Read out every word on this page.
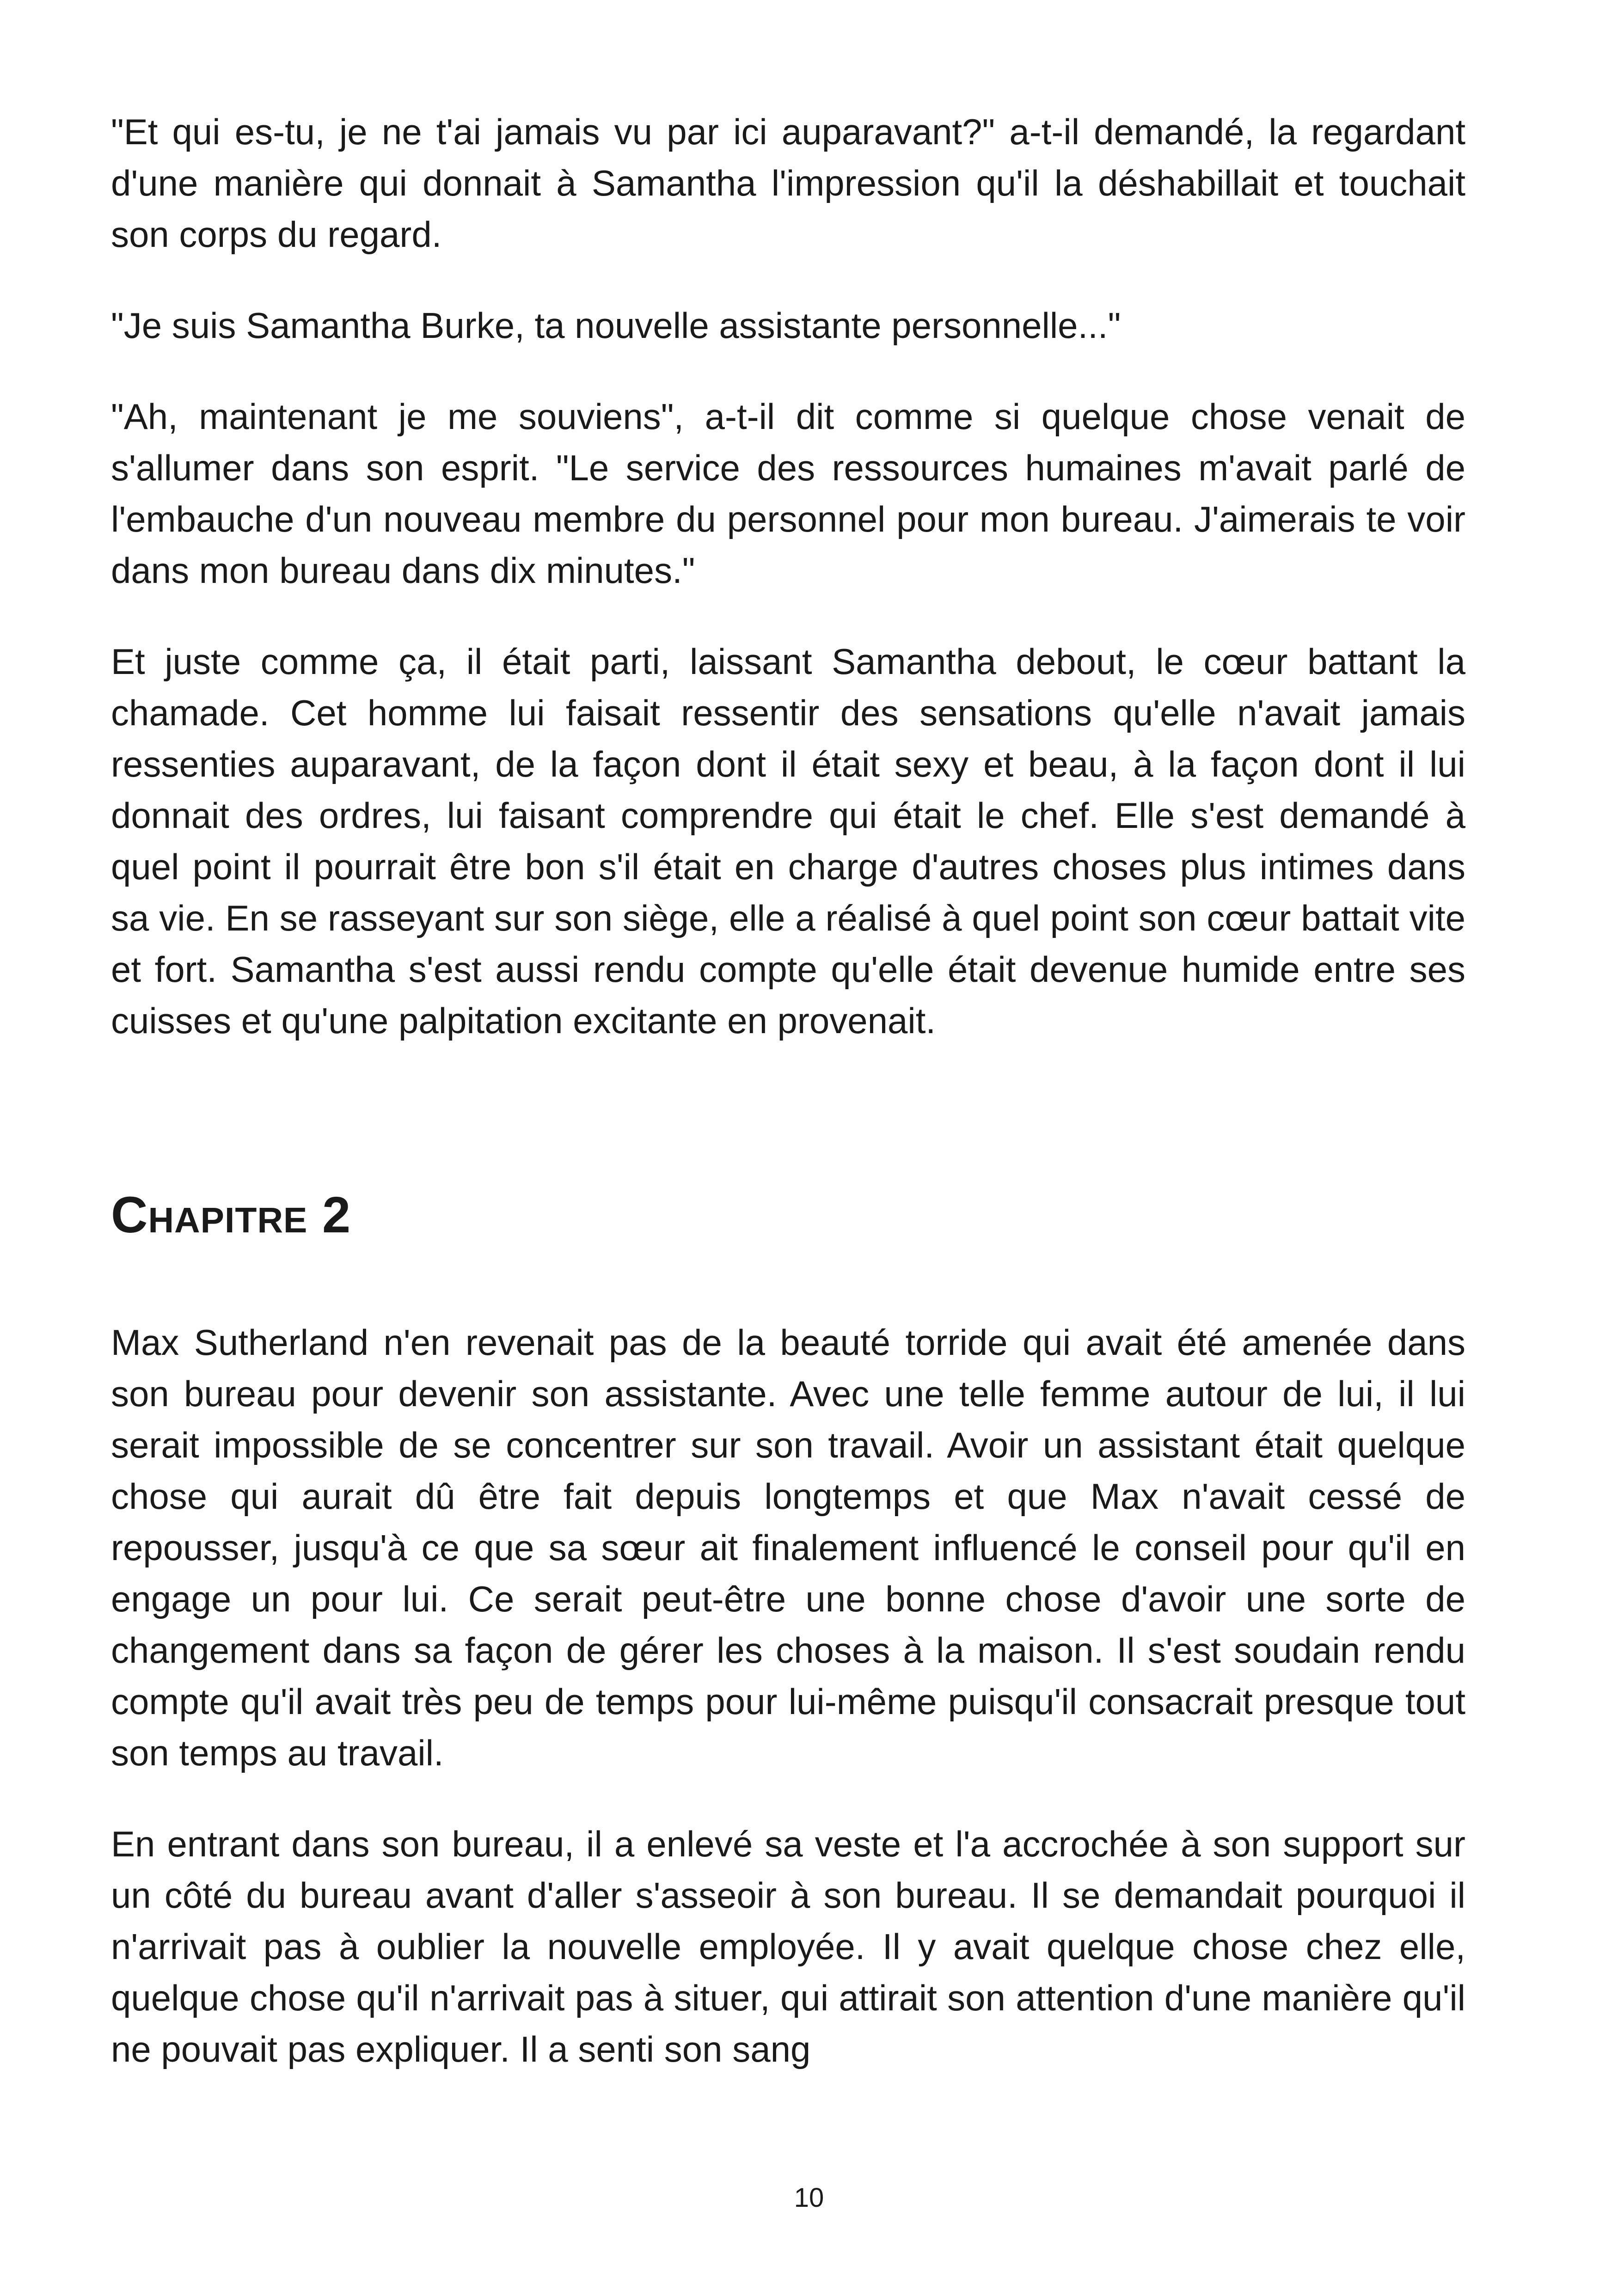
"Et qui es-tu, je ne t'ai jamais vu par ici auparavant?" a-t-il demandé, la regardant d'une manière qui donnait à Samantha l'impression qu'il la déshabillait et touchait son corps du regard.

"Je suis Samantha Burke, ta nouvelle assistante personnelle..."

"Ah, maintenant je me souviens", a-t-il dit comme si quelque chose venait de s'allumer dans son esprit. "Le service des ressources humaines m'avait parlé de l'embauche d'un nouveau membre du personnel pour mon bureau. J'aimerais te voir dans mon bureau dans dix minutes."

Et juste comme ça, il était parti, laissant Samantha debout, le cœur battant la chamade. Cet homme lui faisait ressentir des sensations qu'elle n'avait jamais ressenties auparavant, de la façon dont il était sexy et beau, à la façon dont il lui donnait des ordres, lui faisant comprendre qui était le chef. Elle s'est demandé à quel point il pourrait être bon s'il était en charge d'autres choses plus intimes dans sa vie. En se rasseyant sur son siège, elle a réalisé à quel point son cœur battait vite et fort. Samantha s'est aussi rendu compte qu'elle était devenue humide entre ses cuisses et qu'une palpitation excitante en provenait.

Chapitre 2

Max Sutherland n'en revenait pas de la beauté torride qui avait été amenée dans son bureau pour devenir son assistante. Avec une telle femme autour de lui, il lui serait impossible de se concentrer sur son travail. Avoir un assistant était quelque chose qui aurait dû être fait depuis longtemps et que Max n'avait cessé de repousser, jusqu'à ce que sa sœur ait finalement influencé le conseil pour qu'il en engage un pour lui. Ce serait peut-être une bonne chose d'avoir une sorte de changement dans sa façon de gérer les choses à la maison. Il s'est soudain rendu compte qu'il avait très peu de temps pour lui-même puisqu'il consacrait presque tout son temps au travail.

En entrant dans son bureau, il a enlevé sa veste et l'a accrochée à son support sur un côté du bureau avant d'aller s'asseoir à son bureau. Il se demandait pourquoi il n'arrivait pas à oublier la nouvelle employée. Il y avait quelque chose chez elle, quelque chose qu'il n'arrivait pas à situer, qui attirait son attention d'une manière qu'il ne pouvait pas expliquer. Il a senti son sang

10
